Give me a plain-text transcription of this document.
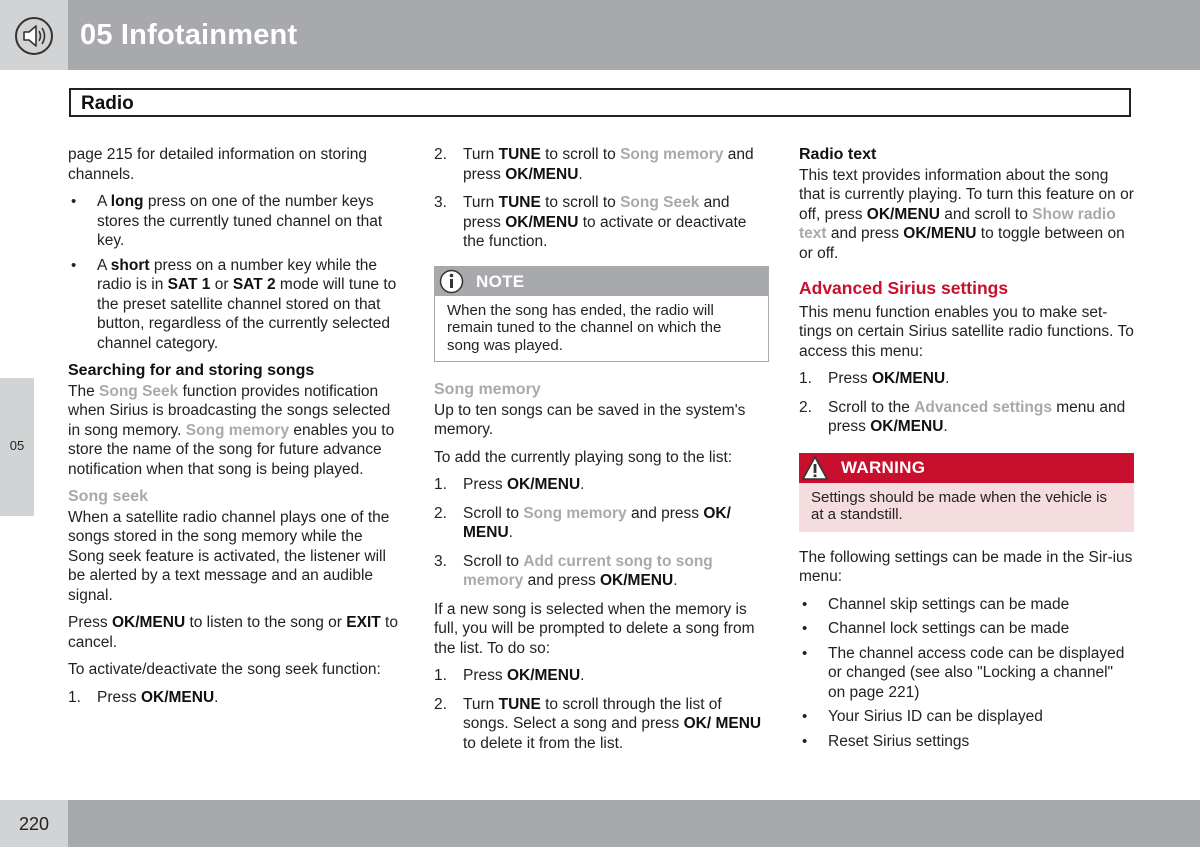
05 Infotainment
Radio
05

page 215 for detailed information on storing channels.

• A long press on one of the number keys stores the currently tuned channel on that key.
• A short press on a number key while the radio is in SAT 1 or SAT 2 mode will tune to the preset satellite channel stored on that button, regardless of the currently selected channel category.
Searching for and storing songs

The Song Seek function provides notification when Sirius is broadcasting the songs selected in song memory. Song memory enables you to store the name of the song for future advance notification when that song is being played.

Song seek

When a satellite radio channel plays one of the songs stored in the song memory while the Song seek feature is activated, the listener will be alerted by a text message and an audible signal.

Press OK/MENU to listen to the song or EXIT to cancel.

To activate/deactivate the song seek function:

1. Press OK/MENU.
2. Turn TUNE to scroll to Song memory and press OK/MENU.
3. Turn TUNE to scroll to Song Seek and press OK/MENU to activate or deactivate the function.
NOTE
When the song has ended, the radio will remain tuned to the channel on which the song was played.
Song memory

Up to ten songs can be saved in the system's memory.

To add the currently playing song to the list:

1. Press OK/MENU.
2. Scroll to Song memory and press OK/ MENU.
3. Scroll to Add current song to song memory and press OK/MENU.

If a new song is selected when the memory is full, you will be prompted to delete a song from the list. To do so:

1. Press OK/MENU.
2. Turn TUNE to scroll through the list of songs. Select a song and press OK/ MENU to delete it from the list.
Radio text

This text provides information about the song that is currently playing. To turn this feature on or off, press OK/MENU and scroll to Show radio text and press OK/MENU to toggle between on or off.

Advanced Sirius settings

This menu function enables you to make set-tings on certain Sirius satellite radio functions. To access this menu:

1. Press OK/MENU.
2. Scroll to the Advanced settings menu and press OK/MENU.
WARNING
Settings should be made when the vehicle is at a standstill.

The following settings can be made in the Sir-ius menu:

• Channel skip settings can be made
• Channel lock settings can be made
• The channel access code can be displayed or changed (see also "Locking a channel" on page 221)
• Your Sirius ID can be displayed
• Reset Sirius settings
220
